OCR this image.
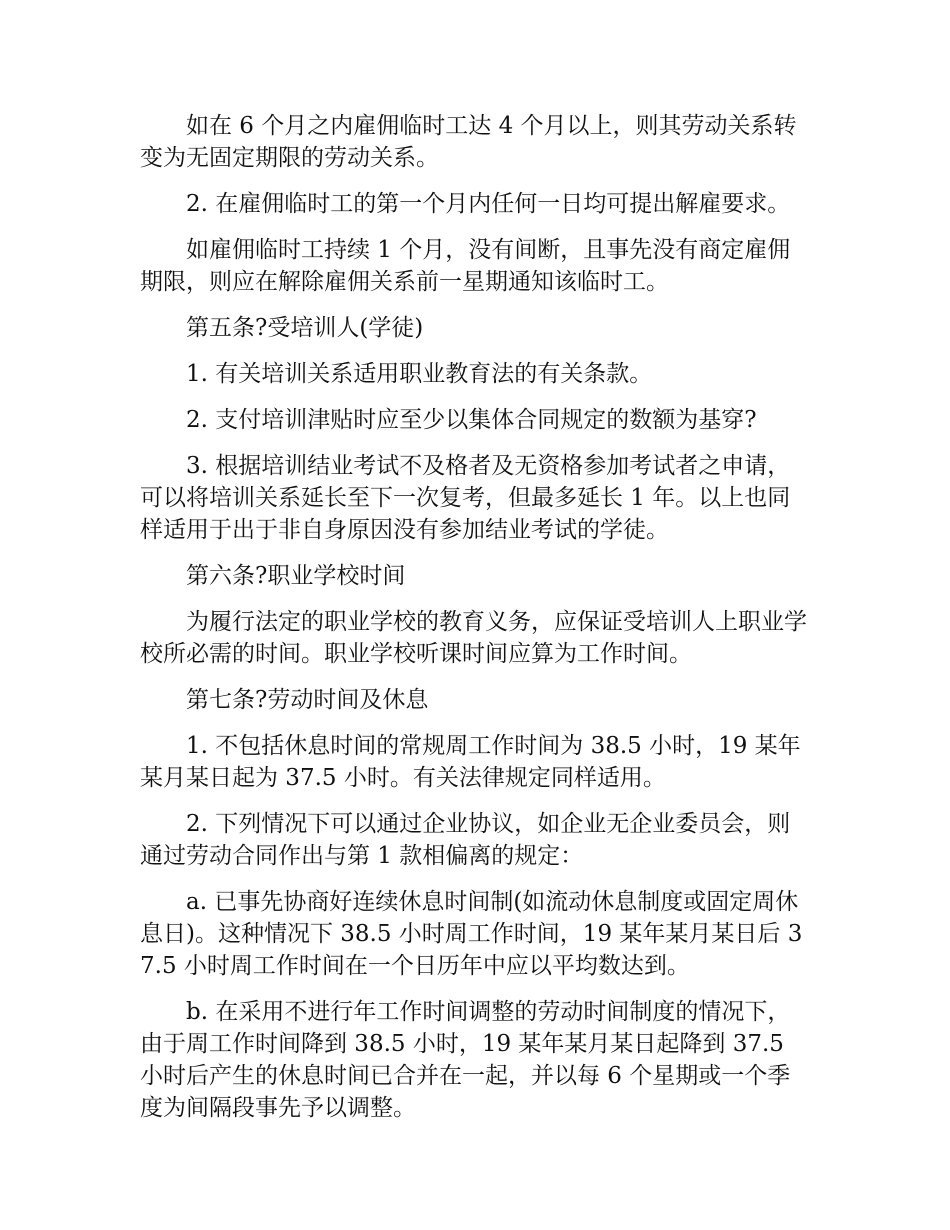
如在 6 个月之内雇佣临时工达 4 个月以上，则其劳动关系转变为无固定期限的劳动关系。

2. 在雇佣临时工的第一个月内任何一日均可提出解雇要求。

如雇佣临时工持续 1 个月，没有间断，且事先没有商定雇佣期限，则应在解除雇佣关系前一星期通知该临时工。

第五条?受培训人(学徒)

1. 有关培训关系适用职业教育法的有关条款。

2. 支付培训津贴时应至少以集体合同规定的数额为基穿?

3. 根据培训结业考试不及格者及无资格参加考试者之申请，可以将培训关系延长至下一次复考，但最多延长 1 年。以上也同样适用于出于非自身原因没有参加结业考试的学徒。

第六条?职业学校时间

为履行法定的职业学校的教育义务，应保证受培训人上职业学校所必需的时间。职业学校听课时间应算为工作时间。

第七条?劳动时间及休息

1. 不包括休息时间的常规周工作时间为 38.5 小时，19 某年某月某日起为 37.5 小时。有关法律规定同样适用。

2. 下列情况下可以通过企业协议，如企业无企业委员会，则通过劳动合同作出与第 1 款相偏离的规定：

a. 已事先协商好连续休息时间制(如流动休息制度或固定周休息日)。这种情况下 38.5 小时周工作时间，19 某年某月某日后 37.5 小时周工作时间在一个日历年中应以平均数达到。

b. 在采用不进行年工作时间调整的劳动时间制度的情况下，由于周工作时间降到 38.5 小时，19 某年某月某日起降到 37.5 小时后产生的休息时间已合并在一起，并以每 6 个星期或一个季度为间隔段事先予以调整。
